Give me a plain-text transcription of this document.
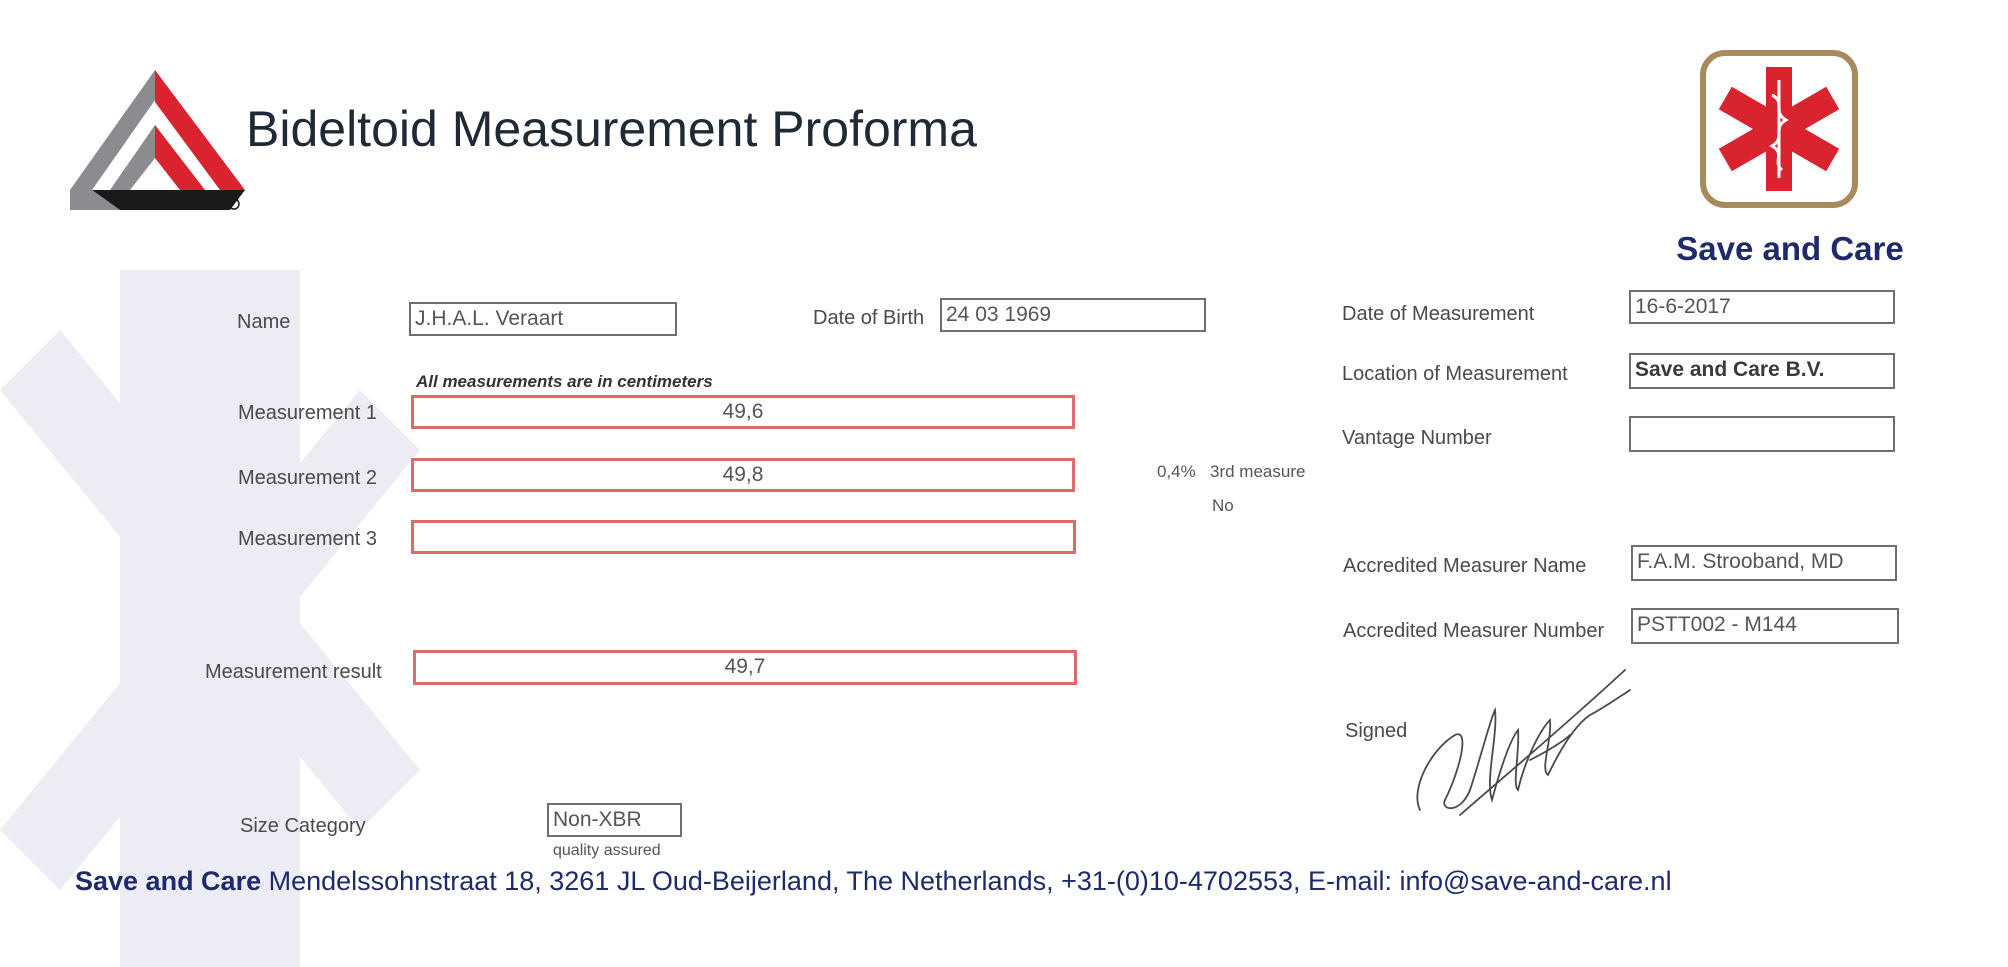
Bideltoid Measurement Proforma
Save and Care
Name	J.H.A.L. Veraart	Date of Birth 24 03 1969
All measurements are in centimeters
Measurement 1	49,6
Measurement 2	49,8
Measurement 3
0,4% 3rd measure
No
Measurement result	49,7
Size Category	Non-XBR
quality assured
Date of Measurement	16-6-2017
Location of Measurement	Save and Care B.V.
Vantage Number
Accredited Measurer Name F.A.M. Strooband, MD
Accredited Measurer Number PSTT002 - M144
Signed
Save and Care Mendelssohnstraat 18, 3261 JL Oud-Beijerland, The Netherlands, +31-(0)10-4702553, E-mail: info@save-and-care.nl
